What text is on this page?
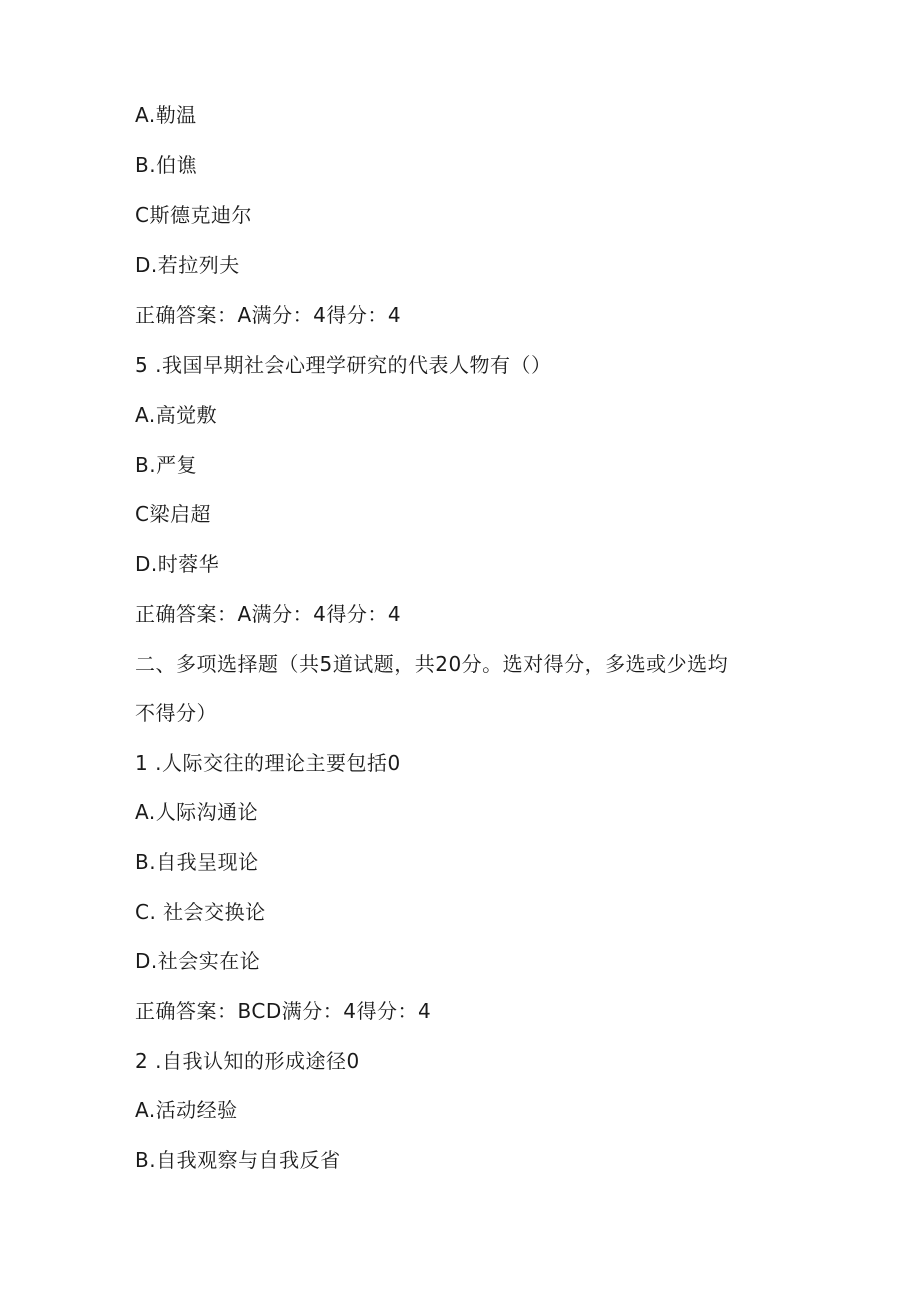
A.勒温
B.伯谯
C斯德克迪尔
D.若拉列夫
正确答案：A满分：4得分：4
5 .我国早期社会心理学研究的代表人物有（）
A.高觉敷
B.严复
C梁启超
D.时蓉华
正确答案：A满分：4得分：4
二、多项选择题（共5道试题，共20分。选对得分，多选或少选均
不得分）
1 .人际交往的理论主要包括0
A.人际沟通论
B.自我呈现论
C. 社会交换论
D.社会实在论
正确答案：BCD满分：4得分：4
2 .自我认知的形成途径0
A.活动经验
B.自我观察与自我反省
